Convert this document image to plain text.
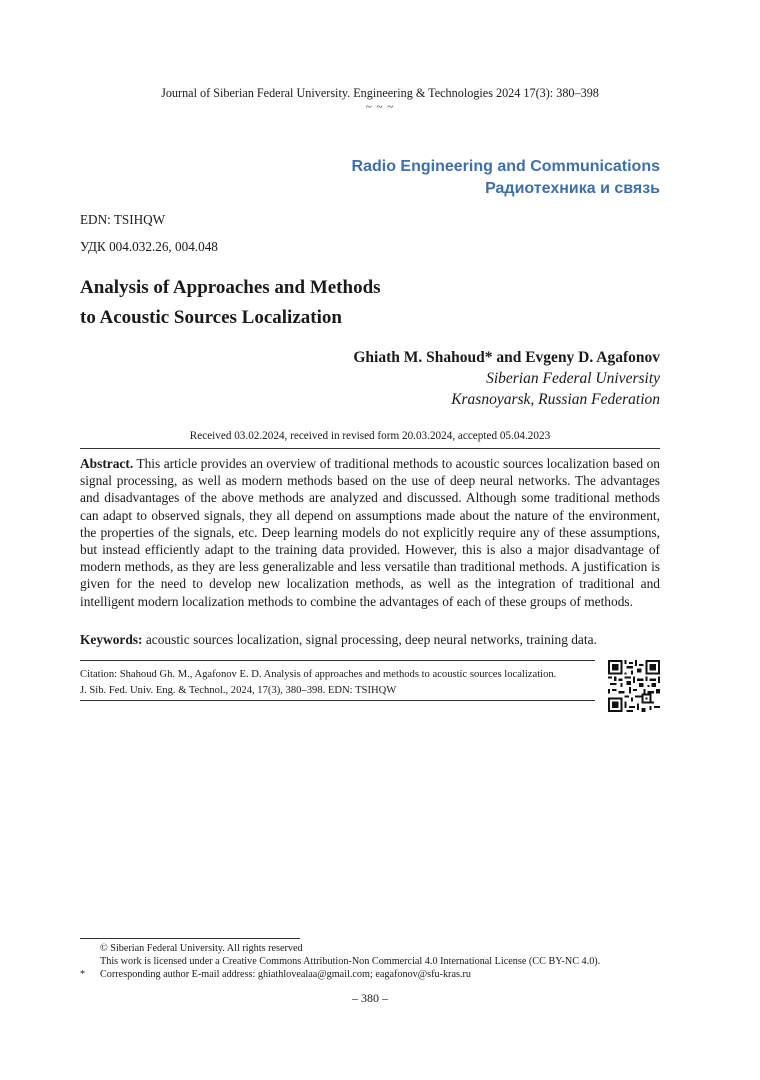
Journal of Siberian Federal University. Engineering & Technologies 2024 17(3): 380–398
~ ~ ~
Radio Engineering and Communications
Радиотехника и связь
EDN: TSIHQW
УДК 004.032.26, 004.048
Analysis of Approaches and Methods
to Acoustic Sources Localization
Ghiath M. Shahoud* and Evgeny D. Agafonov
Siberian Federal University
Krasnoyarsk, Russian Federation
Received 03.02.2024, received in revised form 20.03.2024, accepted 05.04.2023
Abstract. This article provides an overview of traditional methods to acoustic sources localization based on signal processing, as well as modern methods based on the use of deep neural networks. The advantages and disadvantages of the above methods are analyzed and discussed. Although some traditional methods can adapt to observed signals, they all depend on assumptions made about the nature of the environment, the properties of the signals, etc. Deep learning models do not explicitly require any of these assumptions, but instead efficiently adapt to the training data provided. However, this is also a major disadvantage of modern methods, as they are less generalizable and less versatile than traditional methods. A justification is given for the need to develop new localization methods, as well as the integration of traditional and intelligent modern localization methods to combine the advantages of each of these groups of methods.
Keywords: acoustic sources localization, signal processing, deep neural networks, training data.
Citation: Shahoud Gh. M., Agafonov E. D. Analysis of approaches and methods to acoustic sources localization.
J. Sib. Fed. Univ. Eng. & Technol., 2024, 17(3), 380–398. EDN: TSIHQW
© Siberian Federal University. All rights reserved
This work is licensed under a Creative Commons Attribution-Non Commercial 4.0 International License (CC BY-NC 4.0).
* Corresponding author E-mail address: ghiathlovealaa@gmail.com; eagafonov@sfu-kras.ru
– 380 –
